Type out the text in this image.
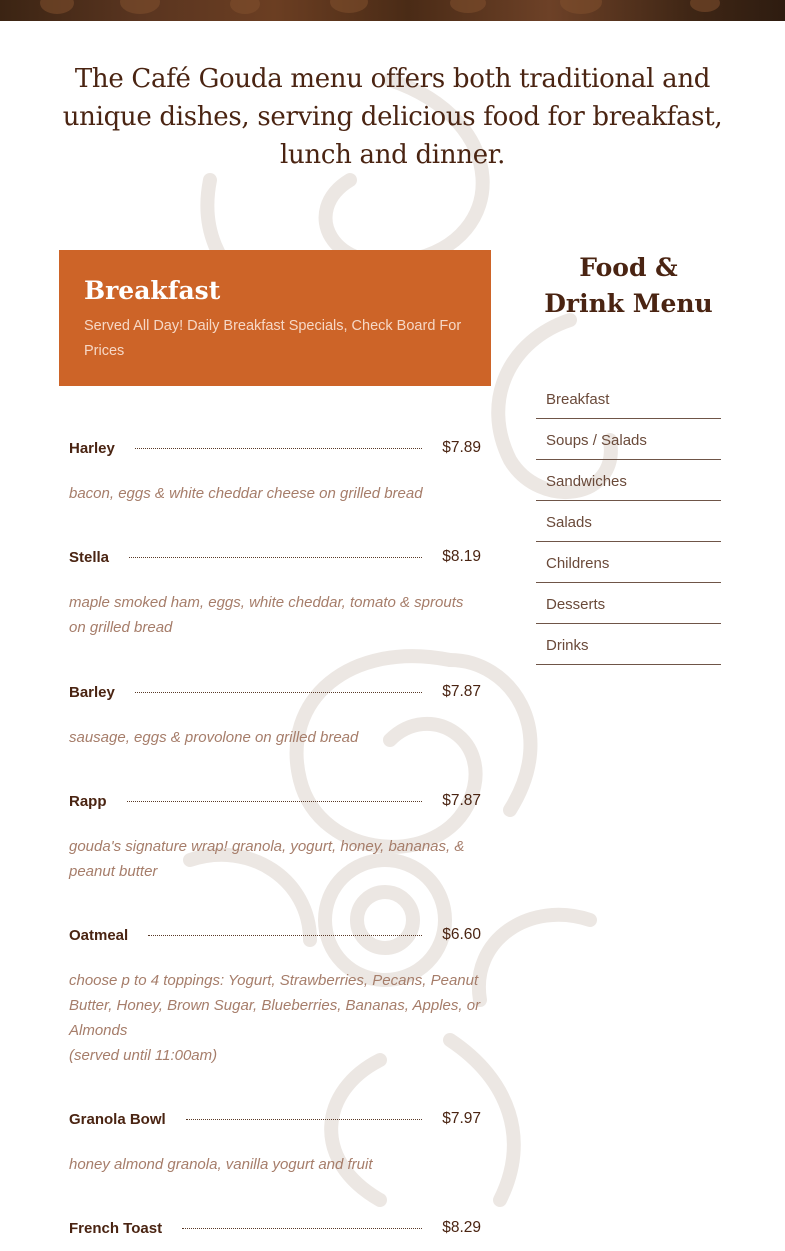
The Café Gouda menu offers both traditional and unique dishes, serving delicious food for breakfast, lunch and dinner.

Breakfast

Served All Day! Daily Breakfast Specials, Check Board For Prices

Harley	$7.89

bacon, eggs & white cheddar cheese on grilled bread

Stella	$8.19

maple smoked ham, eggs, white cheddar, tomato & sprouts on grilled bread

Barley	$7.87

sausage, eggs & provolone on grilled bread

Rapp	$7.87

gouda's signature wrap! granola, yogurt, honey, bananas, & peanut butter

Oatmeal	$6.60

choose p to 4 toppings: Yogurt, Strawberries, Pecans, Peanut Butter, Honey, Brown Sugar, Blueberries, Bananas, Apples, or Almonds

(served until 11:00am)

Granola Bowl	$7.97

honey almond granola, vanilla yogurt and fruit

French Toast	$8.29
Food & Drink Menu
Breakfast
Soups / Salads
Sandwiches
Salads
Childrens
Desserts
Drinks
